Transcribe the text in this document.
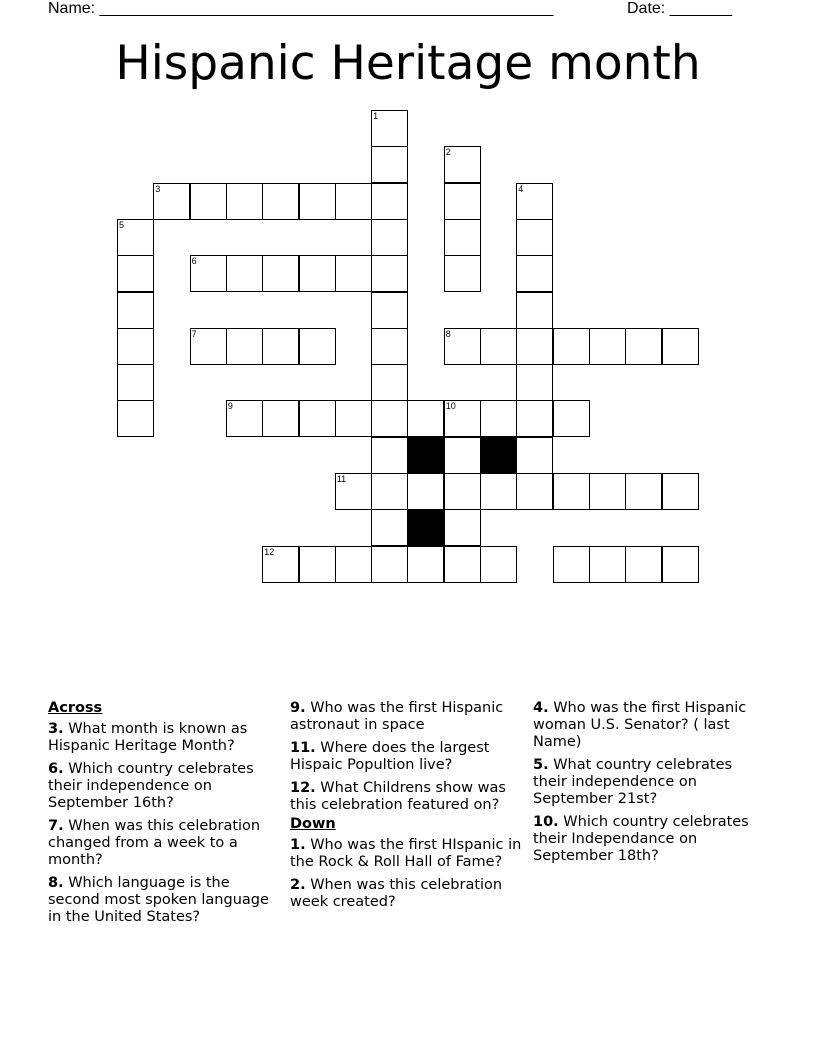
Name: ___________________________________________________	Date: _______
Hispanic Heritage month
1
2
4
3
5
6
7	8
9	10
11
12
Across

3. What month is known as Hispanic Heritage Month?

6. Which country celebrates their independence on September 16th?

7. When was this celebration changed from a week to a month?

8. Which language is the second most spoken language in the United States?

9. Who was the first Hispanic astronaut in space

11. Where does the largest Hispaic Popultion live?

12. What Childrens show was this celebration featured on?

Down

1. Who was the first HIspanic in the Rock & Roll Hall of Fame?

2. When was this celebration week created?

4. Who was the first Hispanic woman U.S. Senator? ( last Name)

5. What country celebrates their independence on September 21st?

10. Which country celebrates their Independance on September 18th?
